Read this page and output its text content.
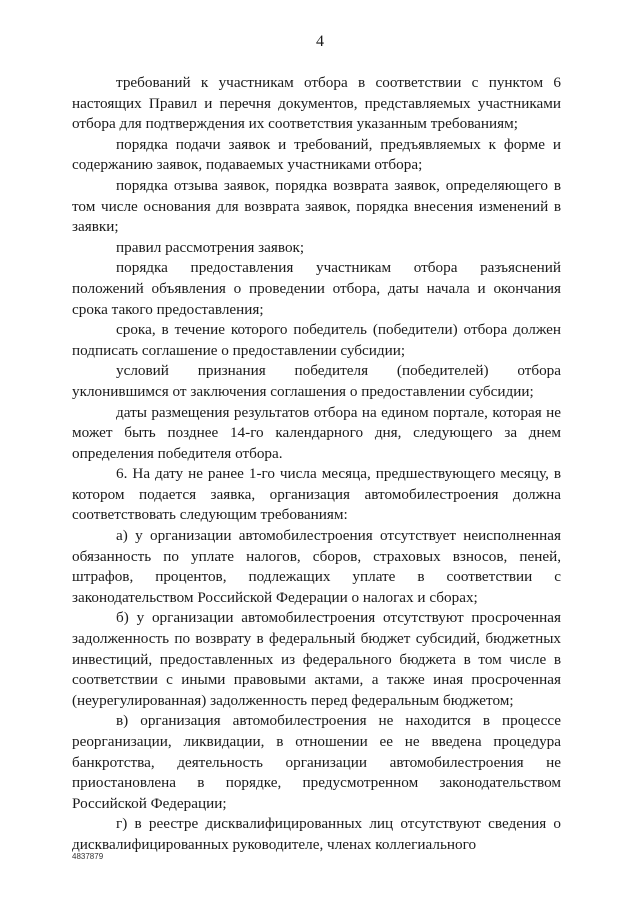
4

требований к участникам отбора в соответствии с пунктом 6 настоящих Правил и перечня документов, представляемых участниками отбора для подтверждения их соответствия указанным требованиям;

порядка подачи заявок и требований, предъявляемых к форме и содержанию заявок, подаваемых участниками отбора;

порядка отзыва заявок, порядка возврата заявок, определяющего в том числе основания для возврата заявок, порядка внесения изменений в заявки;

правил рассмотрения заявок;

порядка предоставления участникам отбора разъяснений положений объявления о проведении отбора, даты начала и окончания срока такого предоставления;

срока, в течение которого победитель (победители) отбора должен подписать соглашение о предоставлении субсидии;

условий признания победителя (победителей) отбора уклонившимся от заключения соглашения о предоставлении субсидии;

даты размещения результатов отбора на едином портале, которая не может быть позднее 14-го календарного дня, следующего за днем определения победителя отбора.

6. На дату не ранее 1-го числа месяца, предшествующего месяцу, в котором подается заявка, организация автомобилестроения должна соответствовать следующим требованиям:

а) у организации автомобилестроения отсутствует неисполненная обязанность по уплате налогов, сборов, страховых взносов, пеней, штрафов, процентов, подлежащих уплате в соответствии с законодательством Российской Федерации о налогах и сборах;

б) у организации автомобилестроения отсутствуют просроченная задолженность по возврату в федеральный бюджет субсидий, бюджетных инвестиций, предоставленных из федерального бюджета в том числе в соответствии с иными правовыми актами, а также иная просроченная (неурегулированная) задолженность перед федеральным бюджетом;

в) организация автомобилестроения не находится в процессе реорганизации, ликвидации, в отношении ее не введена процедура банкротства, деятельность организации автомобилестроения не приостановлена в порядке, предусмотренном законодательством Российской Федерации;

г) в реестре дисквалифицированных лиц отсутствуют сведения о дисквалифицированных руководителе, членах коллегиального

4837879
